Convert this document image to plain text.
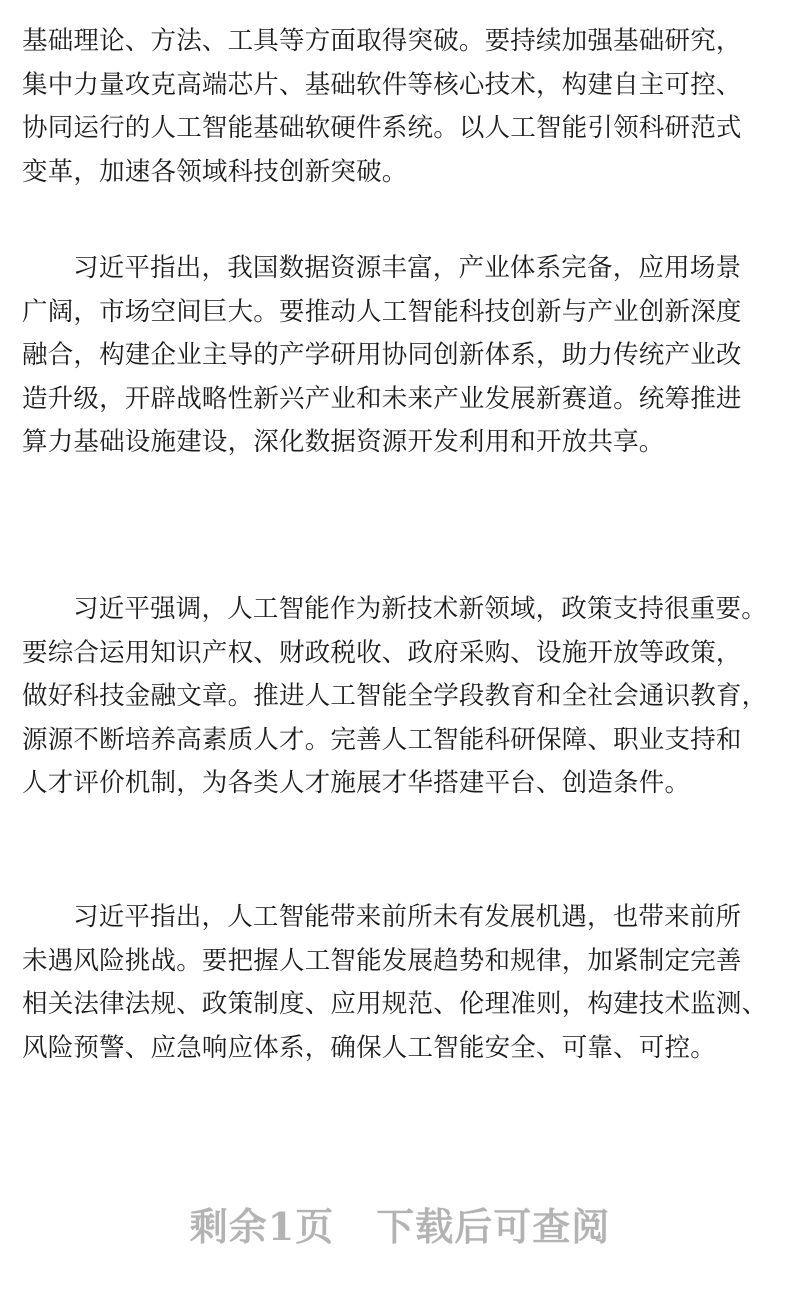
基础理论、方法、工具等方面取得突破。要持续加强基础研究，

集中力量攻克高端芯片、基础软件等核心技术，构建自主可控、

协同运行的人工智能基础软硬件系统。以人工智能引领科研范式

变革，加速各领域科技创新突破。

习近平指出，我国数据资源丰富，产业体系完备，应用场景

广阔，市场空间巨大。要推动人工智能科技创新与产业创新深度

融合，构建企业主导的产学研用协同创新体系，助力传统产业改

造升级，开辟战略性新兴产业和未来产业发展新赛道。统筹推进

算力基础设施建设，深化数据资源开发利用和开放共享。

习近平强调，人工智能作为新技术新领域，政策支持很重要。

要综合运用知识产权、财政税收、政府采购、设施开放等政策，

做好科技金融文章。推进人工智能全学段教育和全社会通识教育，

源源不断培养高素质人才。完善人工智能科研保障、职业支持和

人才评价机制，为各类人才施展才华搭建平台、创造条件。

习近平指出，人工智能带来前所未有发展机遇，也带来前所

未遇风险挑战。要把握人工智能发展趋势和规律，加紧制定完善

相关法律法规、政策制度、应用规范、伦理准则，构建技术监测、

风险预警、应急响应体系，确保人工智能安全、可靠、可控。

剩余1页 下载后可查阅
